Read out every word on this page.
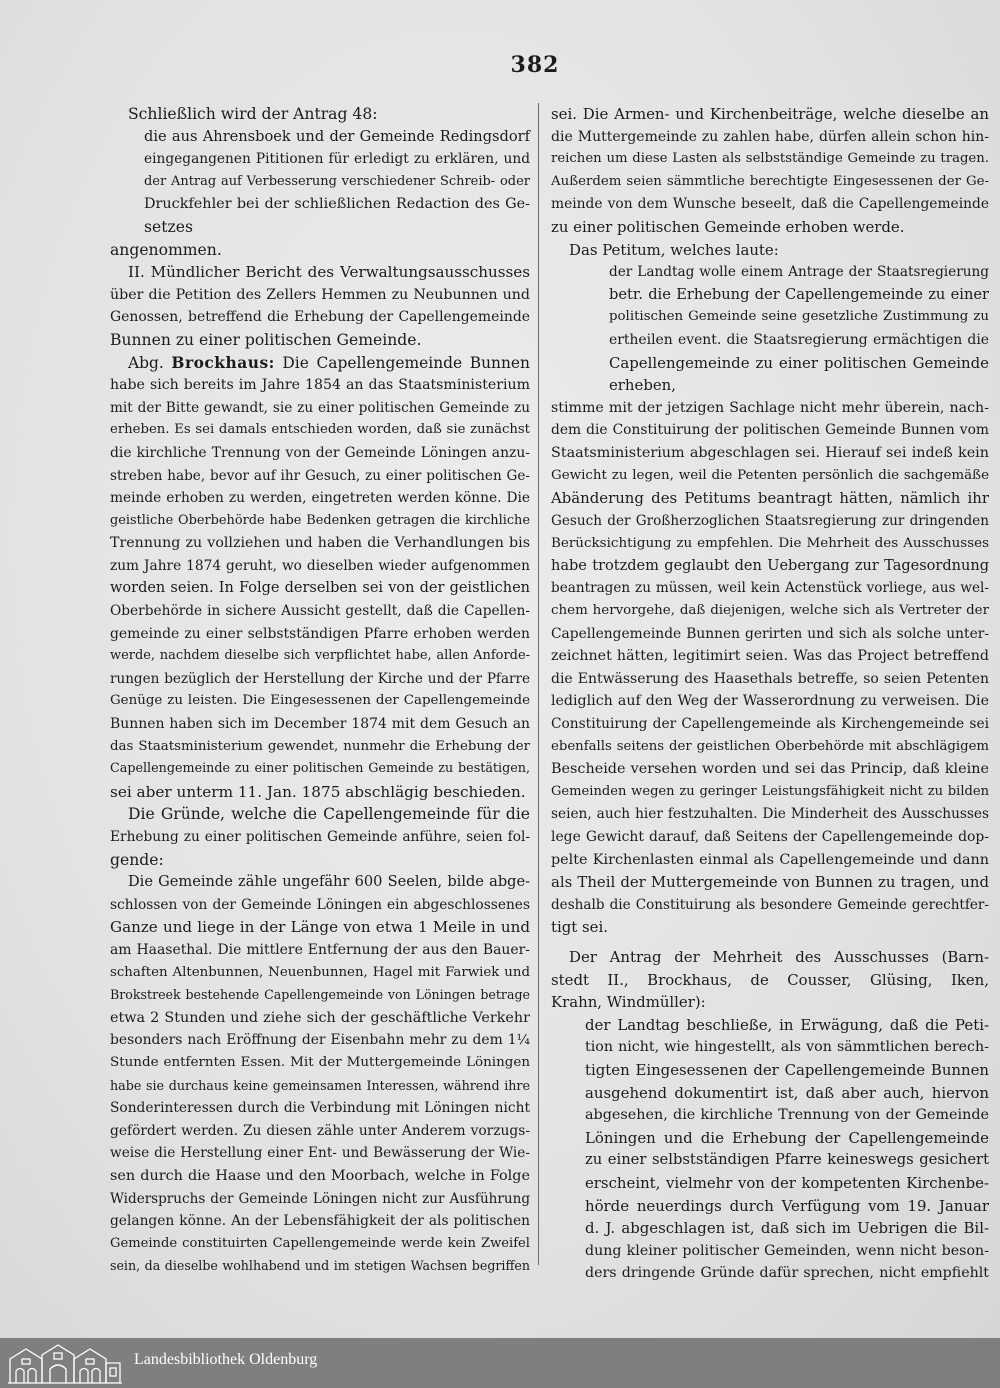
382
Schließlich wird der Antrag 48:
die aus Ahrensboek und der Gemeinde Redingsdorf
eingegangenen Pititionen für erledigt zu erklären, und
der Antrag auf Verbesserung verschiedener Schreib- oder
Druckfehler bei der schließlichen Redaction des Ge-
setzes
angenommen.
II. Mündlicher Bericht des Verwaltungsausschusses
über die Petition des Zellers Hemmen zu Neubunnen und
Genossen, betreffend die Erhebung der Capellengemeinde
Bunnen zu einer politischen Gemeinde.
Abg. Brockhaus: Die Capellengemeinde Bunnen
habe sich bereits im Jahre 1854 an das Staatsministerium
mit der Bitte gewandt, sie zu einer politischen Gemeinde zu
erheben. Es sei damals entschieden worden, daß sie zunächst
die kirchliche Trennung von der Gemeinde Löningen anzu-
streben habe, bevor auf ihr Gesuch, zu einer politischen Ge-
meinde erhoben zu werden, eingetreten werden könne. Die
geistliche Oberbehörde habe Bedenken getragen die kirchliche
Trennung zu vollziehen und haben die Verhandlungen bis
zum Jahre 1874 geruht, wo dieselben wieder aufgenommen
worden seien. In Folge derselben sei von der geistlichen
Oberbehörde in sichere Aussicht gestellt, daß die Capellen-
gemeinde zu einer selbstständigen Pfarre erhoben werden
werde, nachdem dieselbe sich verpflichtet habe, allen Anforde-
rungen bezüglich der Herstellung der Kirche und der Pfarre
Genüge zu leisten. Die Eingesessenen der Capellengemeinde
Bunnen haben sich im December 1874 mit dem Gesuch an
das Staatsministerium gewendet, nunmehr die Erhebung der
Capellengemeinde zu einer politischen Gemeinde zu bestätigen,
sei aber unterm 11. Jan. 1875 abschlägig beschieden.
Die Gründe, welche die Capellengemeinde für die
Erhebung zu einer politischen Gemeinde anführe, seien fol-
gende:
Die Gemeinde zähle ungefähr 600 Seelen, bilde abge-
schlossen von der Gemeinde Löningen ein abgeschlossenes
Ganze und liege in der Länge von etwa 1 Meile in und
am Haasethal. Die mittlere Entfernung der aus den Bauer-
schaften Altenbunnen, Neuenbunnen, Hagel mit Farwiek und
Brokstreek bestehende Capellengemeinde von Löningen betrage
etwa 2 Stunden und ziehe sich der geschäftliche Verkehr
besonders nach Eröffnung der Eisenbahn mehr zu dem 1¼
Stunde entfernten Essen. Mit der Muttergemeinde Löningen
habe sie durchaus keine gemeinsamen Interessen, während ihre
Sonderinteressen durch die Verbindung mit Löningen nicht
gefördert werden. Zu diesen zähle unter Anderem vorzugs-
weise die Herstellung einer Ent- und Bewässerung der Wie-
sen durch die Haase und den Moorbach, welche in Folge
Widerspruchs der Gemeinde Löningen nicht zur Ausführung
gelangen könne. An der Lebensfähigkeit der als politischen
Gemeinde constituirten Capellengemeinde werde kein Zweifel
sein, da dieselbe wohlhabend und im stetigen Wachsen begriffen
sei. Die Armen- und Kirchenbeiträge, welche dieselbe an
die Muttergemeinde zu zahlen habe, dürfen allein schon hin-
reichen um diese Lasten als selbstständige Gemeinde zu tragen.
Außerdem seien sämmtliche berechtigte Eingesessenen der Ge-
meinde von dem Wunsche beseelt, daß die Capellengemeinde
zu einer politischen Gemeinde erhoben werde.
Das Petitum, welches laute:
der Landtag wolle einem Antrage der Staatsregierung
betr. die Erhebung der Capellengemeinde zu einer
politischen Gemeinde seine gesetzliche Zustimmung zu
ertheilen event. die Staatsregierung ermächtigen die
Capellengemeinde zu einer politischen Gemeinde
erheben,
stimme mit der jetzigen Sachlage nicht mehr überein, nach-
dem die Constituirung der politischen Gemeinde Bunnen vom
Staatsministerium abgeschlagen sei. Hierauf sei indeß kein
Gewicht zu legen, weil die Petenten persönlich die sachgemäße
Abänderung des Petitums beantragt hätten, nämlich ihr
Gesuch der Großherzoglichen Staatsregierung zur dringenden
Berücksichtigung zu empfehlen. Die Mehrheit des Ausschusses
habe trotzdem geglaubt den Uebergang zur Tagesordnung
beantragen zu müssen, weil kein Actenstück vorliege, aus wel-
chem hervorgehe, daß diejenigen, welche sich als Vertreter der
Capellengemeinde Bunnen gerirten und sich als solche unter-
zeichnet hätten, legitimirt seien. Was das Project betreffend
die Entwässerung des Haasethals betreffe, so seien Petenten
lediglich auf den Weg der Wasserordnung zu verweisen. Die
Constituirung der Capellengemeinde als Kirchengemeinde sei
ebenfalls seitens der geistlichen Oberbehörde mit abschlägigem
Bescheide versehen worden und sei das Princip, daß kleine
Gemeinden wegen zu geringer Leistungsfähigkeit nicht zu bilden
seien, auch hier festzuhalten. Die Minderheit des Ausschusses
lege Gewicht darauf, daß Seitens der Capellengemeinde dop-
pelte Kirchenlasten einmal als Capellengemeinde und dann
als Theil der Muttergemeinde von Bunnen zu tragen, und
deshalb die Constituirung als besondere Gemeinde gerechtfer-
tigt sei.
Der Antrag der Mehrheit des Ausschusses (Barn-
stedt II., Brockhaus, de Cousser, Glüsing, Iken,
Krahn, Windmüller):
der Landtag beschließe, in Erwägung, daß die Peti-
tion nicht, wie hingestellt, als von sämmtlichen berech-
tigten Eingesessenen der Capellengemeinde Bunnen
ausgehend dokumentirt ist, daß aber auch, hiervon
abgesehen, die kirchliche Trennung von der Gemeinde
Löningen und die Erhebung der Capellengemeinde
zu einer selbstständigen Pfarre keineswegs gesichert
erscheint, vielmehr von der kompetenten Kirchenbe-
hörde neuerdings durch Verfügung vom 19. Januar
d. J. abgeschlagen ist, daß sich im Uebrigen die Bil-
dung kleiner politischer Gemeinden, wenn nicht beson-
ders dringende Gründe dafür sprechen, nicht empfiehlt
Landesbibliothek Oldenburg
